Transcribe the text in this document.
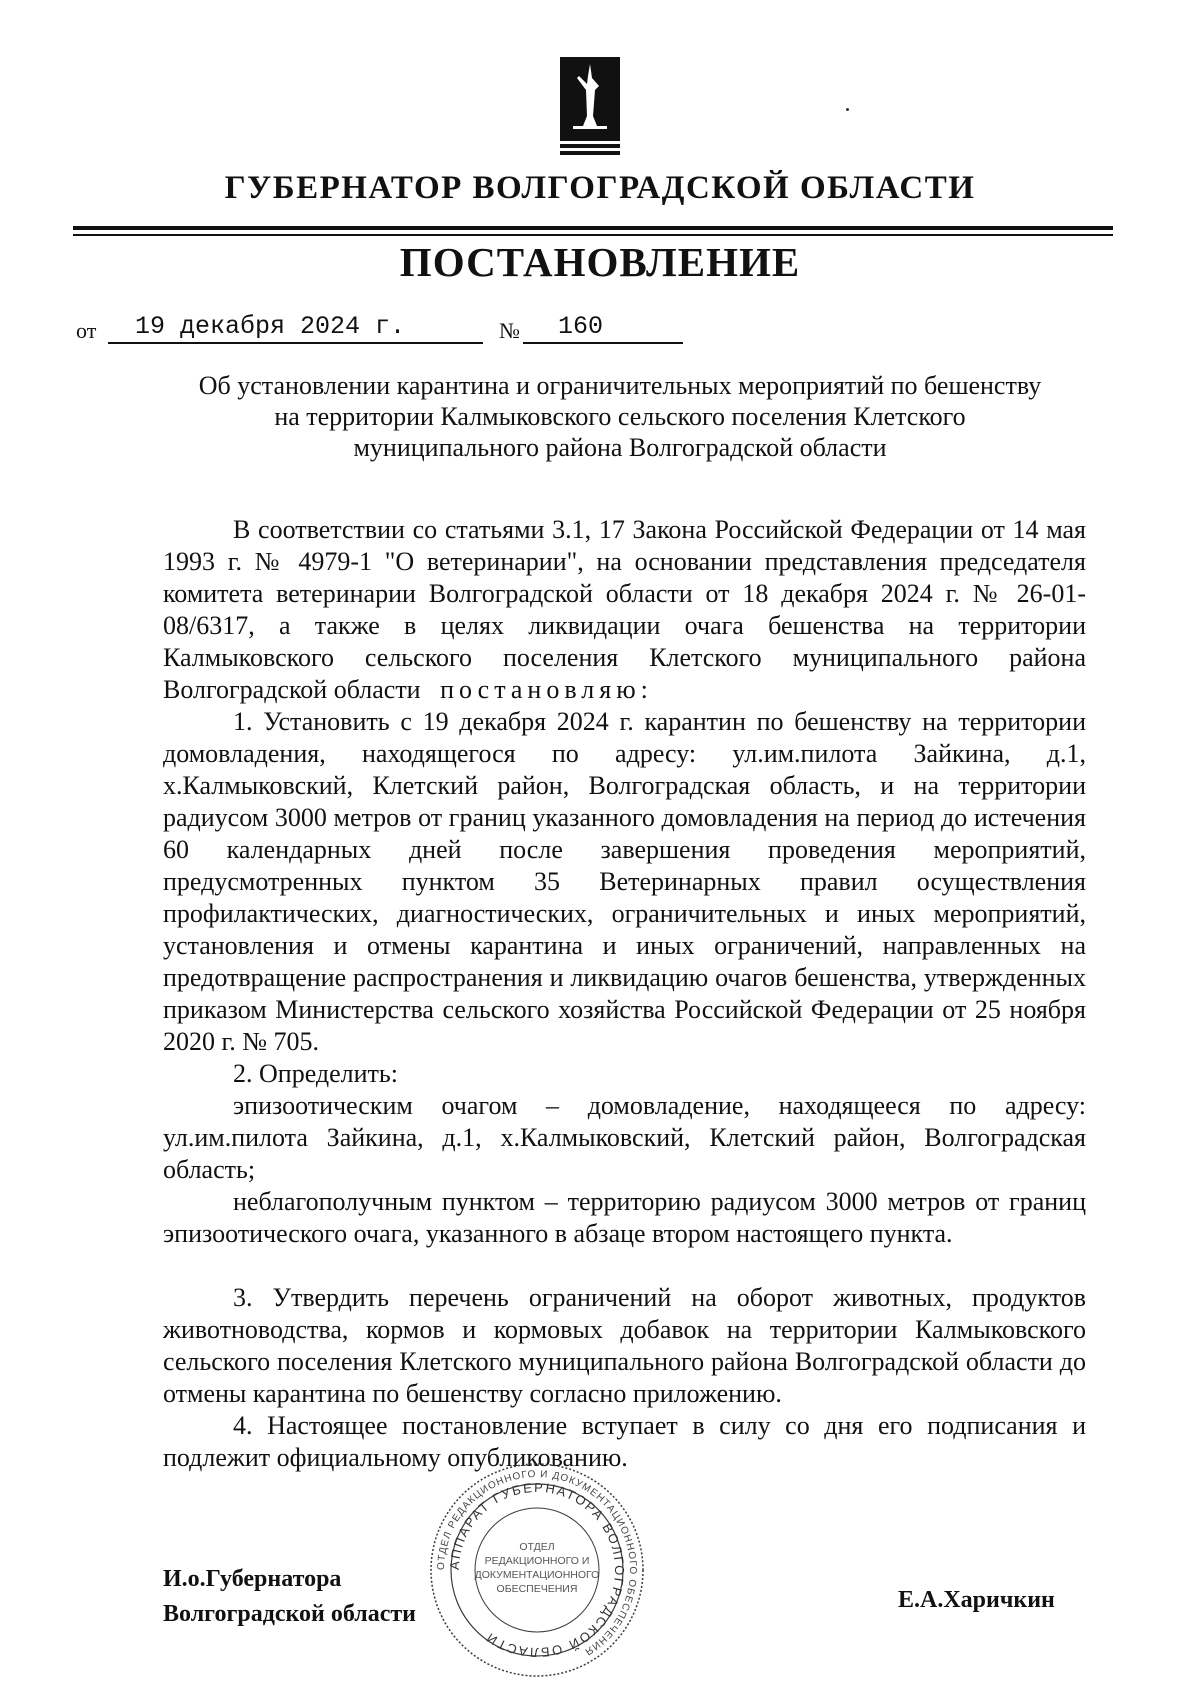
ГУБЕРНАТОР ВОЛГОГРАДСКОЙ ОБЛАСТИ
ПОСТАНОВЛЕНИЕ
от 19 декабря 2024 г.	№ 160
Об установлении карантина и ограничительных мероприятий по бешенству
на территории Калмыковского сельского поселения Клетского
муниципального района Волгоградской области
В соответствии со статьями 3.1, 17 Закона Российской Федерации от 14 мая 1993 г. № 4979-1 "О ветеринарии", на основании представления председателя комитета ветеринарии Волгоградской области от 18 декабря 2024 г. № 26-01-08/6317, а также в целях ликвидации очага бешенства на территории Калмыковского сельского поселения Клетского муниципального района Волгоградской области постановляю:
1. Установить с 19 декабря 2024 г. карантин по бешенству на территории домовладения, находящегося по адресу: ул.им.пилота Зайкина, д.1, х.Калмыковский, Клетский район, Волгоградская область, и на территории радиусом 3000 метров от границ указанного домовладения на период до истечения 60 календарных дней после завершения проведения мероприятий, предусмотренных пунктом 35 Ветеринарных правил осуществления профилактических, диагностических, ограничительных и иных мероприятий, установления и отмены карантина и иных ограничений, направленных на предотвращение распространения и ликвидацию очагов бешенства, утвержденных приказом Министерства сельского хозяйства Российской Федерации от 25 ноября 2020 г. № 705.
2. Определить:
эпизоотическим очагом – домовладение, находящееся по адресу: ул.им.пилота Зайкина, д.1, х.Калмыковский, Клетский район, Волгоградская область;
неблагополучным пунктом – территорию радиусом 3000 метров от границ эпизоотического очага, указанного в абзаце втором настоящего пункта.
3. Утвердить перечень ограничений на оборот животных, продуктов животноводства, кормов и кормовых добавок на территории Калмыковского сельского поселения Клетского муниципального района Волгоградской области до отмены карантина по бешенству согласно приложению.
4. Настоящее постановление вступает в силу со дня его подписания и подлежит официальному опубликованию.
И.о.Губернатора
Волгоградской области
Е.А.Харичкин
ОТДЕЛ РЕДАКЦИОННОГО И ДОКУМЕНТАЦИОННОГО ОБЕСПЕЧЕНИЯ
АППАРАТ ГУБЕРНАТОРА ВОЛГОГРАДСКОЙ ОБЛАСТИ
ОТДЕЛ
РЕДАКЦИОННОГО И
ДОКУМЕНТАЦИОННОГО
ОБЕСПЕЧЕНИЯ
